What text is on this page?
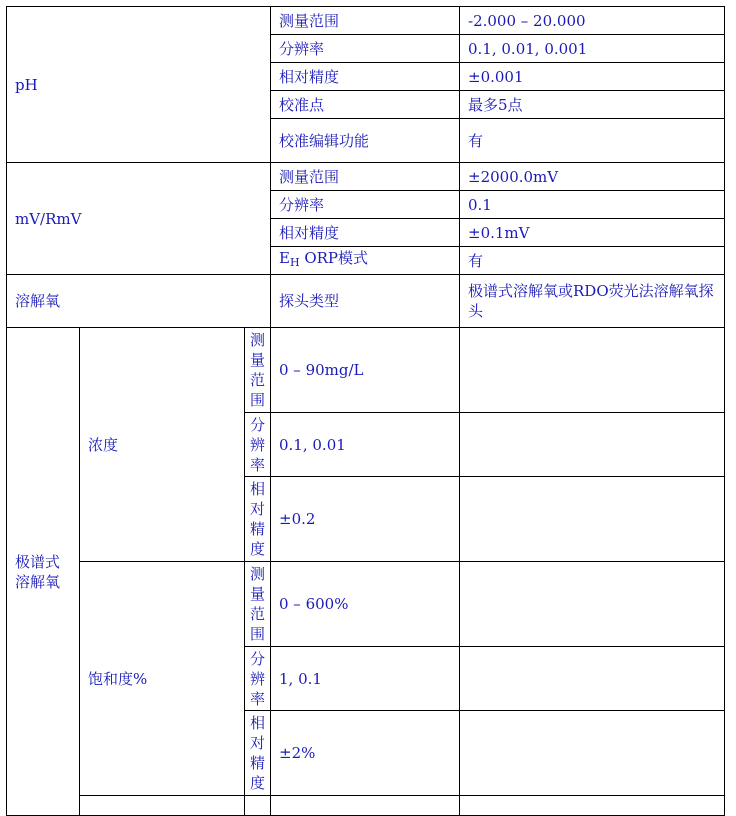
pH			测量范围	-2.000 – 20.000
			分辨率	0.1, 0.01, 0.001
			相对精度	±0.001
			校准点	最多5点
			校准编辑功能	有
mV/RmV			测量范围	±2000.0mV
			分辨率	0.1
			相对精度	±0.1mV
			$E_H$ ORP模式	有
溶解氧			探头类型	极谱式溶解氧或RDO荧光法溶解氧探头

极谱式溶解氧	浓度	测量范围	0 – 90mg/L	
		分辨率	0.1, 0.01	
		相对精度	±0.2	
	饱和度%	测量范围	0 – 600%	
		分辨率	1, 0.1	
		相对精度	±2%	
